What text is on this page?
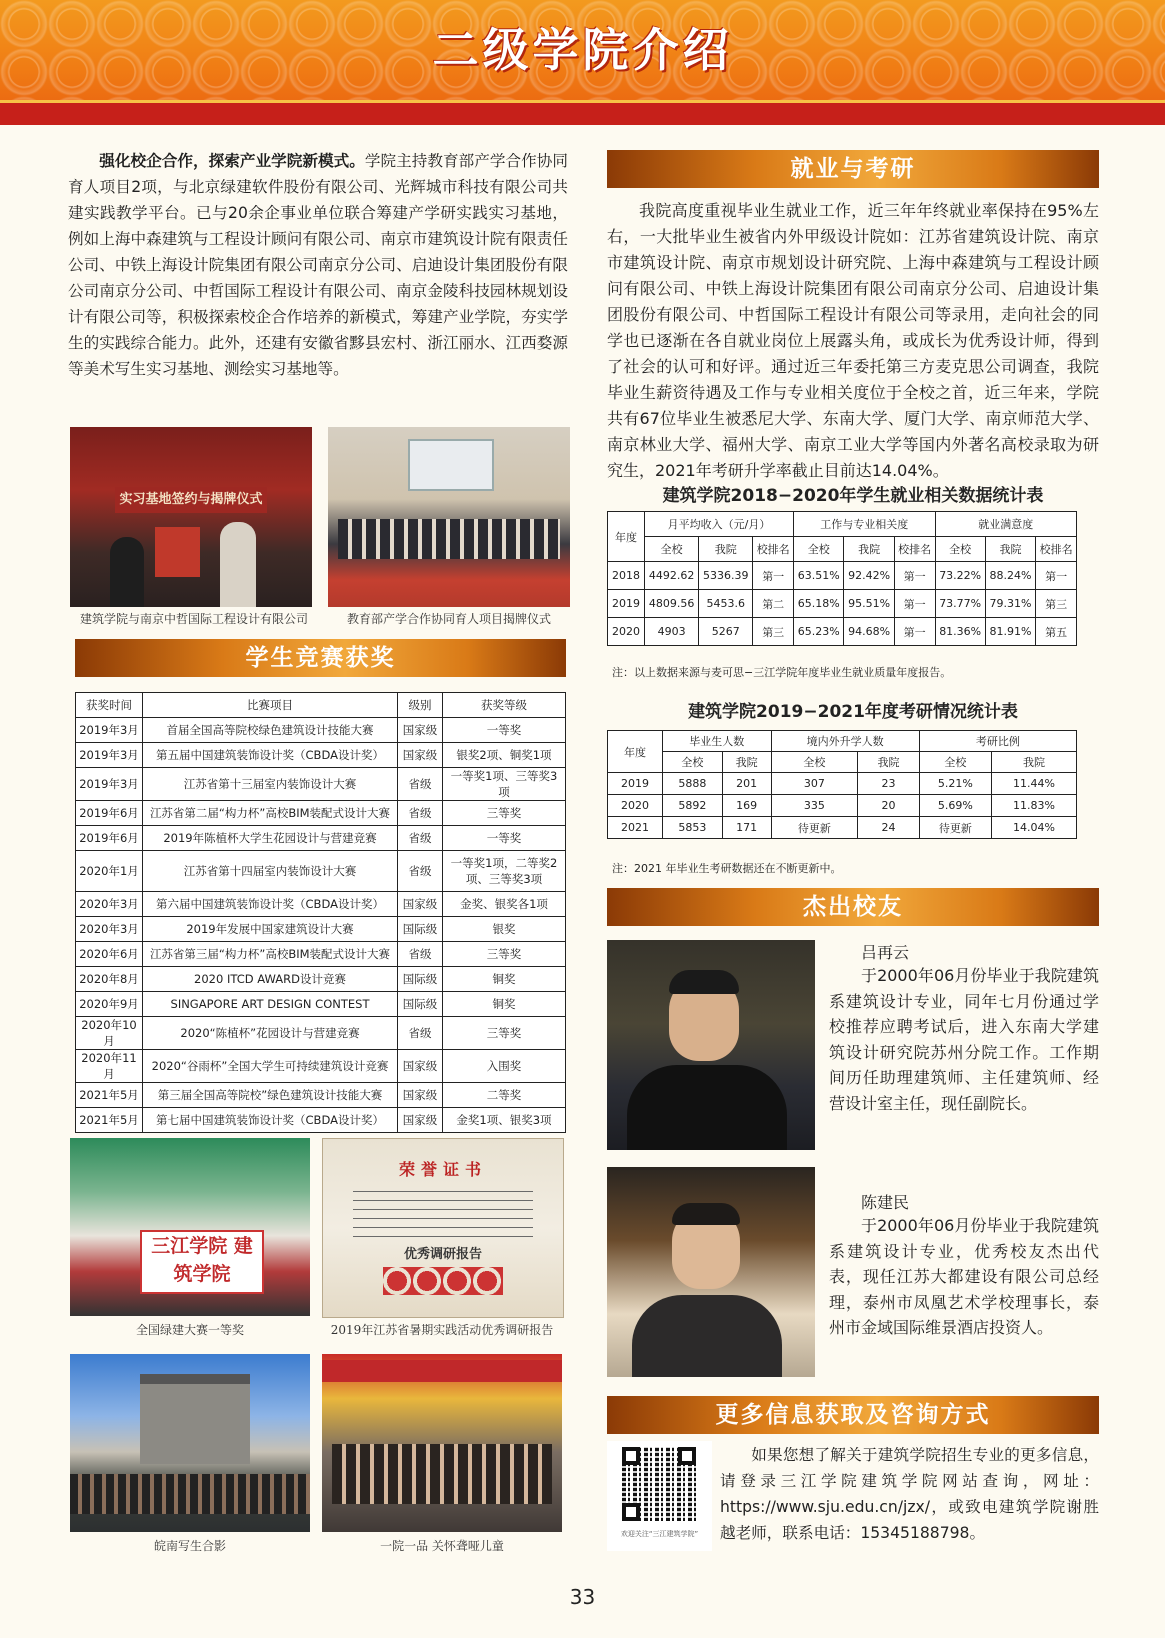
二级学院介绍

强化校企合作，探索产业学院新模式。学院主持教育部产学合作协同育人项目2项，与北京绿建软件股份有限公司、光辉城市科技有限公司共建实践教学平台。已与20余企事业单位联合筹建产学研实践实习基地，例如上海中森建筑与工程设计顾问有限公司、南京市建筑设计院有限责任公司、中铁上海设计院集团有限公司南京分公司、启迪设计集团股份有限公司南京分公司、中哲国际工程设计有限公司、南京金陵科技园林规划设计有限公司等，积极探索校企合作培养的新模式，筹建产业学院，夯实学生的实践综合能力。此外，还建有安徽省黟县宏村、浙江丽水、江西婺源等美术写生实习基地、测绘实习基地等。

实习基地签约与揭牌仪式
建筑学院与南京中哲国际工程设计有限公司	教育部产学合作协同育人项目揭牌仪式
学生竞赛获奖
获奖时间	比赛项目	级别	获奖等级
2019年3月	首届全国高等院校绿色建筑设计技能大赛	国家级	一等奖
2019年3月	第五届中国建筑装饰设计奖（CBDA设计奖）	国家级	银奖2项、铜奖1项
2019年3月	江苏省第十三届室内装饰设计大赛	省级	一等奖1项、三等奖3项
2019年6月	江苏省第二届“构力杯”高校BIM装配式设计大赛	省级	三等奖
2019年6月	2019年陈植杯大学生花园设计与营建竞赛	省级	一等奖
2020年1月	江苏省第十四届室内装饰设计大赛	省级	一等奖1项，二等奖2项、三等奖3项
2020年3月	第六届中国建筑装饰设计奖（CBDA设计奖）	国家级	金奖、银奖各1项
2020年3月	2019年发展中国家建筑设计大赛	国际级	银奖
2020年6月	江苏省第三届“构力杯”高校BIM装配式设计大赛	省级	三等奖
2020年8月	2020 ITCD AWARD设计竞赛	国际级	铜奖
2020年9月	SINGAPORE ART DESIGN CONTEST	国际级	铜奖
2020年10月	2020“陈植杯”花园设计与营建竞赛	省级	三等奖
2020年11月	2020“谷雨杯”全国大学生可持续建筑设计竞赛	国家级	入围奖
2021年5月	第三届全国高等院校”绿色建筑设计技能大赛	国家级	二等奖
2021年5月	第七届中国建筑装饰设计奖（CBDA设计奖）	国家级	金奖1项、银奖3项
三江学院 建筑学院
荣誉证书
优秀调研报告
全国绿建大赛一等奖	2019年江苏省暑期实践活动优秀调研报告
皖南写生合影	一院一品 关怀聋哑儿童
就业与考研

我院高度重视毕业生就业工作，近三年年终就业率保持在95%左右，一大批毕业生被省内外甲级设计院如：江苏省建筑设计院、南京市建筑设计院、南京市规划设计研究院、上海中森建筑与工程设计顾问有限公司、中铁上海设计院集团有限公司南京分公司、启迪设计集团股份有限公司、中哲国际工程设计有限公司等录用，走向社会的同学也已逐渐在各自就业岗位上展露头角，或成长为优秀设计师，得到了社会的认可和好评。通过近三年委托第三方麦克思公司调查，我院毕业生薪资待遇及工作与专业相关度位于全校之首，近三年来，学院共有67位毕业生被悉尼大学、东南大学、厦门大学、南京师范大学、南京林业大学、福州大学、南京工业大学等国内外著名高校录取为研究生，2021年考研升学率截止目前达14.04%。

建筑学院2018−2020年学生就业相关数据统计表

年度	月平均收入（元/月）			工作与专业相关度			就业满意度		
	全校	我院	校排名	全校	我院	校排名	全校	我院	校排名
2018	4492.62	5336.39	第一	63.51%	92.42%	第一	73.22%	88.24%	第一
2019	4809.56	5453.6	第二	65.18%	95.51%	第一	73.77%	79.31%	第三
2020	4903	5267	第三	65.23%	94.68%	第一	81.36%	81.91%	第五

注：以上数据来源与麦可思−三江学院年度毕业生就业质量年度报告。

建筑学院2019−2021年度考研情况统计表

年度	毕业生人数		境内外升学人数		考研比例	
	全校	我院	全校	我院	全校	我院
2019	5888	201	307	23	5.21%	11.44%
2020	5892	169	335	20	5.69%	11.83%
2021	5853	171	待更新	24	待更新	14.04%

注：2021 年毕业生考研数据还在不断更新中。

杰出校友

吕再云

于2000年06月份毕业于我院建筑系建筑设计专业，同年七月份通过学校推荐应聘考试后，进入东南大学建筑设计研究院苏州分院工作。工作期间历任助理建筑师、主任建筑师、经营设计室主任，现任副院长。

陈建民

于2000年06月份毕业于我院建筑系建筑设计专业，优秀校友杰出代表，现任江苏大都建设有限公司总经理，泰州市凤凰艺术学校理事长，泰州市金域国际维景酒店投资人。

更多信息获取及咨询方式
欢迎关注“三江建筑学院”

如果您想了解关于建筑学院招生专业的更多信息，请登录三江学院建筑学院网站查询，网址：https://www.sju.edu.cn/jzx/，或致电建筑学院谢胜越老师，联系电话：15345188798。

33
